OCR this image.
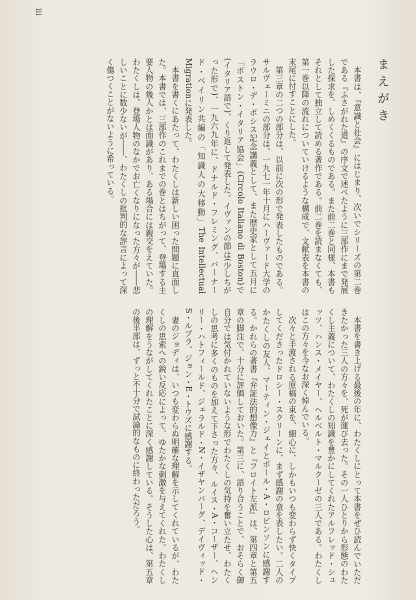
iii
まえがき

本書は、『意識と社会』にはじまり、次いでシリーズの第二巻である『ふさがれた道』の序文で述べたように三部作にまで発展した探求を、しめくくるものである。また前二巻と同様、本書もそれとして独立して読める著作である。前二巻を読まなくても、第一巻以降の流れについていけるような構成で、文献表を本書の末尾に付すことにした。

第三章の二つの部分は、以前に次の形で発表したものである。サルヴェーミニの部分は、一九七一年十月にハーヴァード大学のラウロ・デ・ボシス記念講義として、また歴史家として五月に「ボストン・イタリア協会」(Circolo Italiano di Boston)で(イタリア語で)、くり返して発表した。イヴァンの節は(少しちがった形で)、一九六九年に、ドナルド・フレミング、バーナード・ベイリン共編の「知識人の大移動」The Intellectual Migrationに発表した。

本書を書くにあたって、わたくしは新しい困った問題に直面した。本書では、三部作のこれまでの巻とはちがって、登場する主要人物の幾人かとは面識があり、ある場合には親交をえていた。わたくしは、登場人物のなかでお亡くなりになった方々が――悲しいことに数少ないが――、わたくしの批判的な評言によって深く傷つくことがないように希っている。

本書を書き上げる最後の年に、わたくしにとって本書をぜひ読んでいただきたかった三人の方々を、死が運び去った。その一人ひとりから形態のわたくし主義について、わたくしの知識を豊かにしてくれたアルフレッド・シュッツ、ハンス・メイヤー、ヘルベルト・マルクーゼの三人である。わたくしはこの方々を今なお深く悼んでいる。

次々と手渡される原稿の束を、細心に、しかもいつも変わらず快くタイプしてくださったドロシー・スクリーンに、まず感謝の意を表したい。二人のかたくしの友人、マーティン・ジェイとポール・A・ロビンソンに感謝する。かれらの著書『弁証法的想像力』と『フロイト左派』は、第四章と第五章の脚注で、十分に評価しておいた。第三に、語り合うことで、おそらく御自分では気付かれていないような形でわたくしの気持を奮い立たせ、わたくしの思考に多くのものを加えて下さった方々、ルイス・A・コーザー、ヘンリー・ハトフィールド、ジェラルド・N・イザヤンバーグ、デイヴィッド・S・ルブラ、ジョン・E・トウズに感謝する。

妻のジョディは、いつも変わらぬ明確な理解を示してくれているが、わたくしの思索への鋭い反応によって、ゆたかな刺激を与えてくれた。わたくしの理解をうながしてくれたことに深く感謝している。そうした心は、第五章の後半部は、ずっと不十分で試論的なものに終わっただろう。
